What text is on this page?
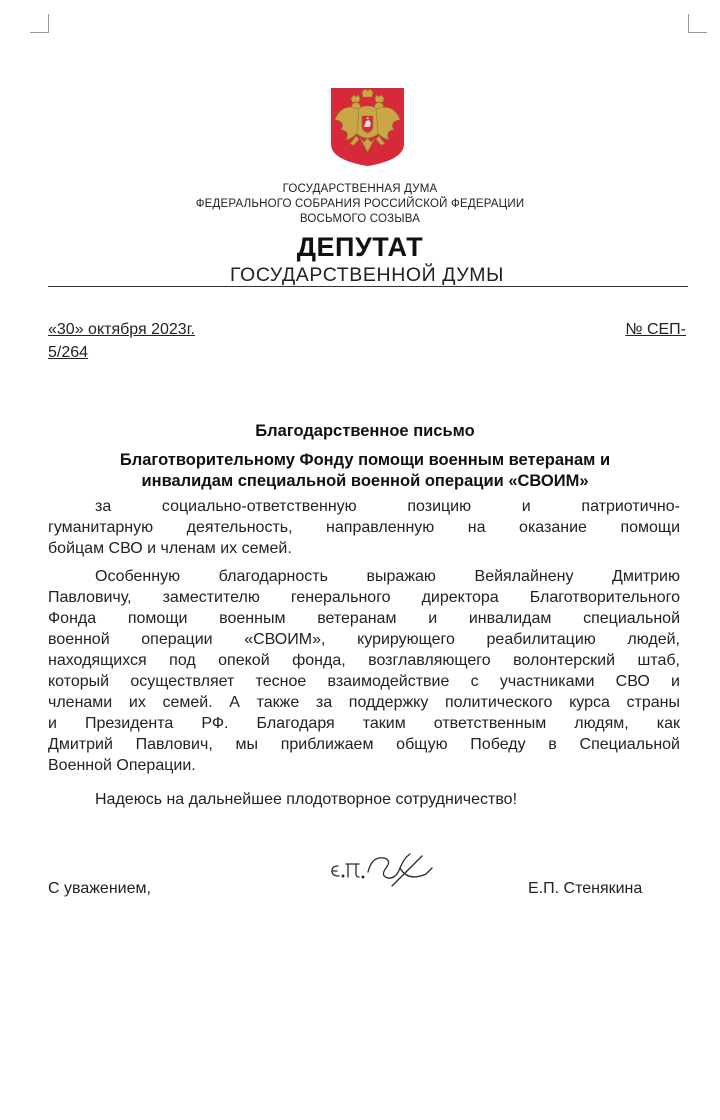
ГОСУДАРСТВЕННАЯ ДУМА
ФЕДЕРАЛЬНОГО СОБРАНИЯ РОССИЙСКОЙ ФЕДЕРАЦИИ
ВОСЬМОГО СОЗЫВА
ДЕПУТАТ
ГОСУДАРСТВЕННОЙ ДУМЫ
«30» октября 2023г.	№ СЕП-
5/264
Благодарственное письмо
Благотворительному Фонду помощи военным ветеранам и
инвалидам специальной военной операции «СВОИМ»
за социально-ответственную позицию и патриотично-
гуманитарную деятельность, направленную на оказание помощи
бойцам СВО и членам их семей.
Особенную благодарность выражаю Вейялайнену Дмитрию
Павловичу, заместителю генерального директора Благотворительного
Фонда помощи военным ветеранам и инвалидам специальной
военной операции «СВОИМ», курирующего реабилитацию людей,
находящихся под опекой фонда, возглавляющего волонтерский штаб,
который осуществляет тесное взаимодействие с участниками СВО и
членами их семей. А также за поддержку политического курса страны
и Президента РФ. Благодаря таким ответственным людям, как
Дмитрий Павлович, мы приближаем общую Победу в Специальной
Военной Операции.
Надеюсь на дальнейшее плодотворное сотрудничество!
С уважением,	Е.П. Стенякина
